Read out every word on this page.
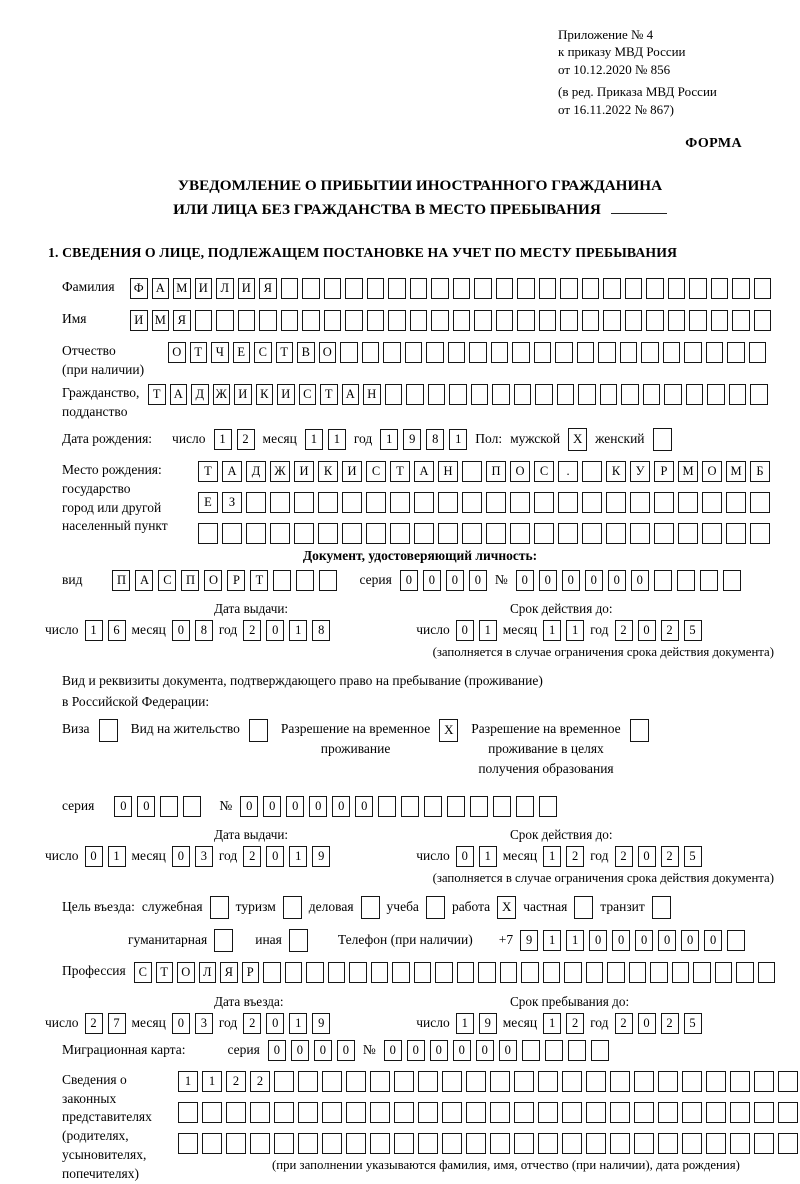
Приложение № 4
к приказу МВД России
от 10.12.2020 № 856
(в ред. Приказа МВД России
от 16.11.2022 № 867)
ФОРМА
УВЕДОМЛЕНИЕ О ПРИБЫТИИ ИНОСТРАННОГО ГРАЖДАНИНА
ИЛИ ЛИЦА БЕЗ ГРАЖДАНСТВА В МЕСТО ПРЕБЫВАНИЯ
1. СВЕДЕНИЯ О ЛИЦЕ, ПОДЛЕЖАЩЕМ ПОСТАНОВКЕ НА УЧЕТ ПО МЕСТУ ПРЕБЫВАНИЯ
Фамилия	Ф А М И	Л	И	Я
Имя	И М Я
Отчество
(при наличии)
О	Т	Ч	Е	С	Т	В	О
Гражданство,
подданство
Т	А	Д Ж И	К	И	С	Т	А Н
Дата рождения: число	1	2	месяц	1	1	год	1	9	8	1	Пол: мужской X женский
Место рождения:
государство
город или другой
населенный пункт
Т	А	Д	Ж	И	К	И	С	Т	А	Н	П	О	С	.	К	У	Р	М	О	М	Б
Е	З
Документ, удостоверяющий личность:
вид	П	А	С	П	О	Р	Т	серия	0	0	0	0	№	0	0	0	0	0	0
Дата выдачи:	Срок действия до:
число 1	6 месяц 0	8 год 2	0	1	8	число 0	1 месяц 1	1 год 2	0	2	5
(заполняется в случае ограничения срока действия документа)
Вид и реквизиты документа, подтверждающего право на пребывание (проживание)
в Российской Федерации:
Виза	Вид на жительство	Разрешение на временное
проживание
X	Разрешение на временное
проживание в целях
получения образования
серия	0	0	№	0	0	0	0	0	0
Дата выдачи:	Срок действия до:
число 0	1 месяц 0	3 год 2	0	1	9	число 0	1 месяц 1	2 год 2	0	2	5
(заполняется в случае ограничения срока действия документа)
Цель въезда: служебная туризм деловая учеба работа X частная транзит
гуманитарная	иная	Телефон (при наличии) +7	9	1	1	0	0	0	0	0	0
Профессия	С	Т	О	Л	Я	Р
Дата въезда:	Срок пребывания до:
число 2	7 месяц 0	3 год 2	0	1	9	число 1	9 месяц 1	2 год 2	0	2	5
Миграционная карта:	серия	0	0	0	0	№	0	0	0	0	0	0
Сведения о
законных
представителях
(родителях,
усыновителях,
попечителях)
1	1	2	2
(при заполнении указываются фамилия, имя, отчество (при наличии), дата рождения)
